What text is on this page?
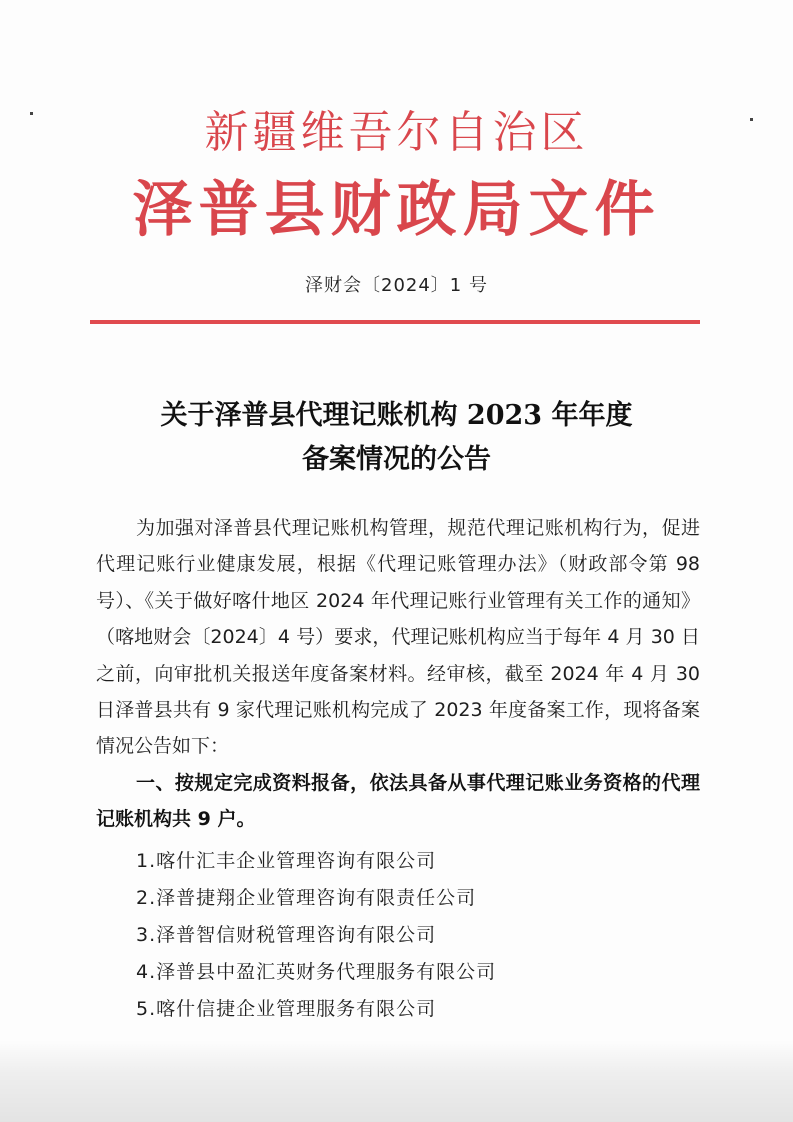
新疆维吾尔自治区
泽普县财政局文件
泽财会〔2024〕1 号
关于泽普县代理记账机构 2023 年年度
备案情况的公告
为加强对泽普县代理记账机构管理，规范代理记账机构行为，促进代理记账行业健康发展，根据《代理记账管理办法》（财政部令第 98 号）、《关于做好喀什地区 2024 年代理记账行业管理有关工作的通知》（喀地财会〔2024〕4 号）要求，代理记账机构应当于每年 4 月 30 日之前，向审批机关报送年度备案材料。经审核，截至 2024 年 4 月 30 日泽普县共有 9 家代理记账机构完成了 2023 年度备案工作，现将备案情况公告如下：
一、按规定完成资料报备，依法具备从事代理记账业务资格的代理记账机构共 9 户。
1.喀什汇丰企业管理咨询有限公司
2.泽普捷翔企业管理咨询有限责任公司
3.泽普智信财税管理咨询有限公司
4.泽普县中盈汇英财务代理服务有限公司
5.喀什信捷企业管理服务有限公司
